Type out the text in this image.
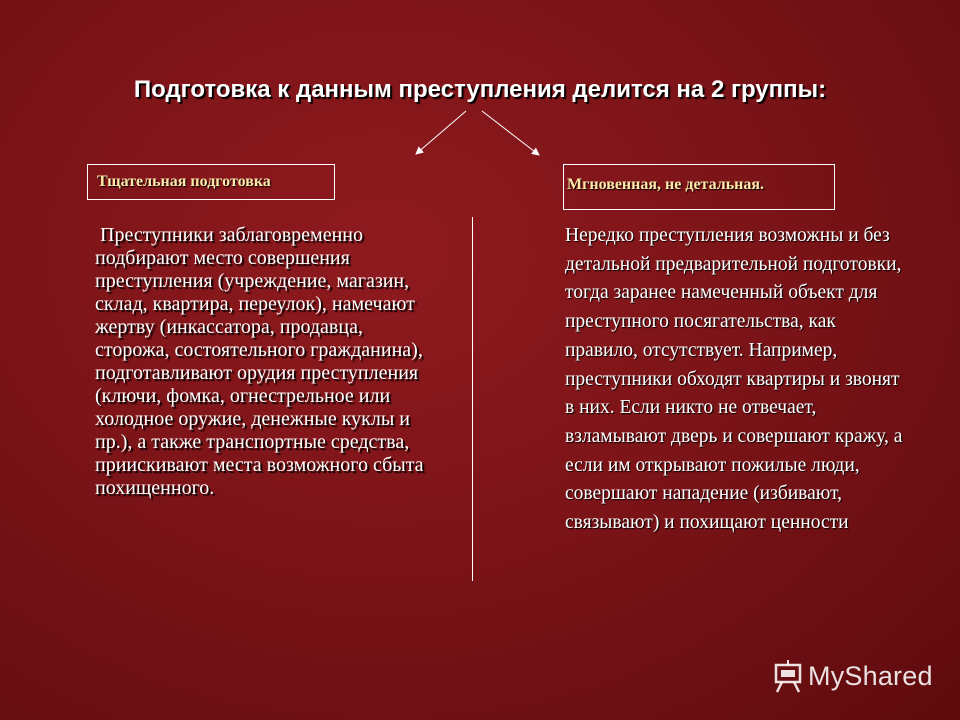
Подготовка к данным преступления делится на 2 группы:
Тщательная подготовка	Мгновенная, не детальная.
Преступники заблаговременно подбирают место совершения преступления (учреждение, магазин, склад, квартира, переулок), намечают жертву (инкассатора, продавца, сторожа, состоятельного гражданина), подготавливают орудия преступления (ключи, фомка, огнестрельное или холодное оружие, денежные куклы и пр.), а также транспортные средства, приискивают места возможного сбыта похищенного.
Нередко преступления возможны и без детальной предварительной подготовки, тогда заранее намеченный объект для преступного посягательства, как правило, отсутствует. Например, преступники обходят квартиры и звонят в них. Если никто не отвечает, взламывают дверь и совершают кражу, а если им открывают пожилые люди, совершают нападение (избивают, связывают) и похищают ценности
MyShared
